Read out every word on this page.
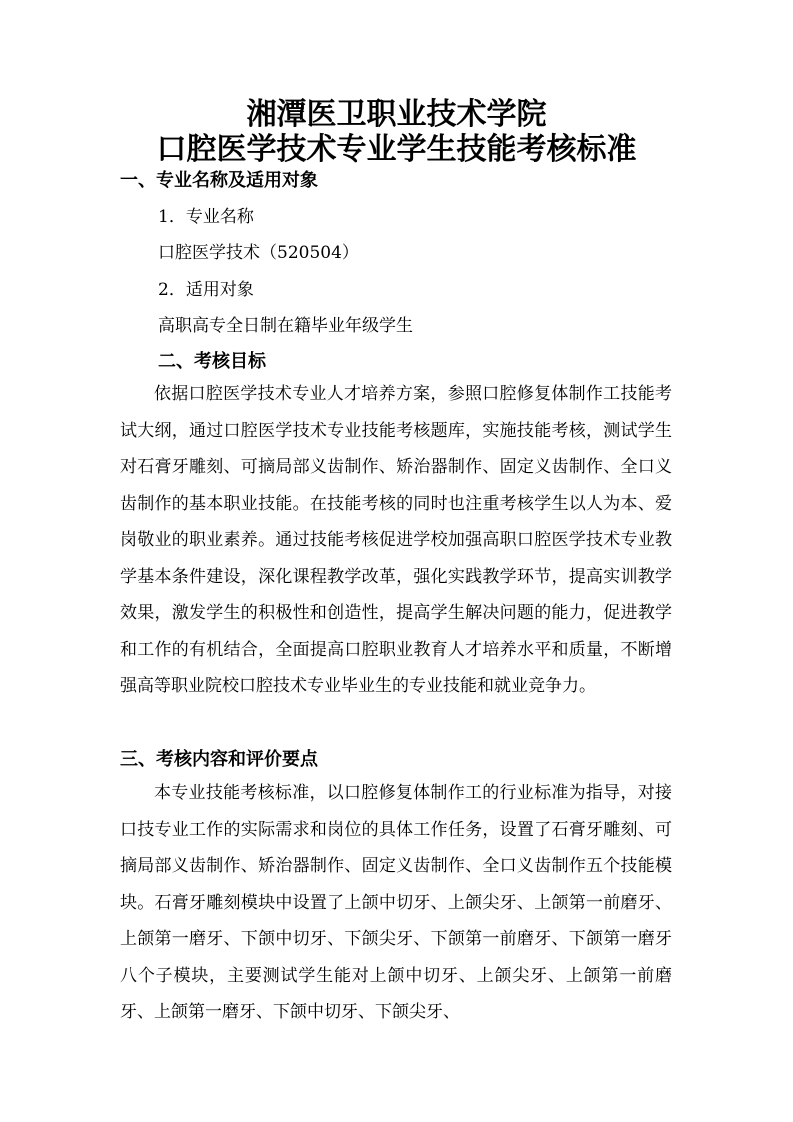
湘潭医卫职业技术学院
口腔医学技术专业学生技能考核标准
一、专业名称及适用对象
1．专业名称
口腔医学技术（520504）
2．适用对象
高职高专全日制在籍毕业年级学生
二、考核目标
依据口腔医学技术专业人才培养方案，参照口腔修复体制作工技能考试大纲，通过口腔医学技术专业技能考核题库，实施技能考核，测试学生对石膏牙雕刻、可摘局部义齿制作、矫治器制作、固定义齿制作、全口义齿制作的基本职业技能。在技能考核的同时也注重考核学生以人为本、爱岗敬业的职业素养。通过技能考核促进学校加强高职口腔医学技术专业教学基本条件建设，深化课程教学改革，强化实践教学环节，提高实训教学效果，激发学生的积极性和创造性，提高学生解决问题的能力，促进教学和工作的有机结合，全面提高口腔职业教育人才培养水平和质量，不断增强高等职业院校口腔技术专业毕业生的专业技能和就业竞争力。
三、考核内容和评价要点
本专业技能考核标准，以口腔修复体制作工的行业标准为指导，对接口技专业工作的实际需求和岗位的具体工作任务，设置了石膏牙雕刻、可摘局部义齿制作、矫治器制作、固定义齿制作、全口义齿制作五个技能模块。石膏牙雕刻模块中设置了上颌中切牙、上颌尖牙、上颌第一前磨牙、上颌第一磨牙、下颌中切牙、下颌尖牙、下颌第一前磨牙、下颌第一磨牙八个子模块，主要测试学生能对上颌中切牙、上颌尖牙、上颌第一前磨牙、上颌第一磨牙、下颌中切牙、下颌尖牙、
